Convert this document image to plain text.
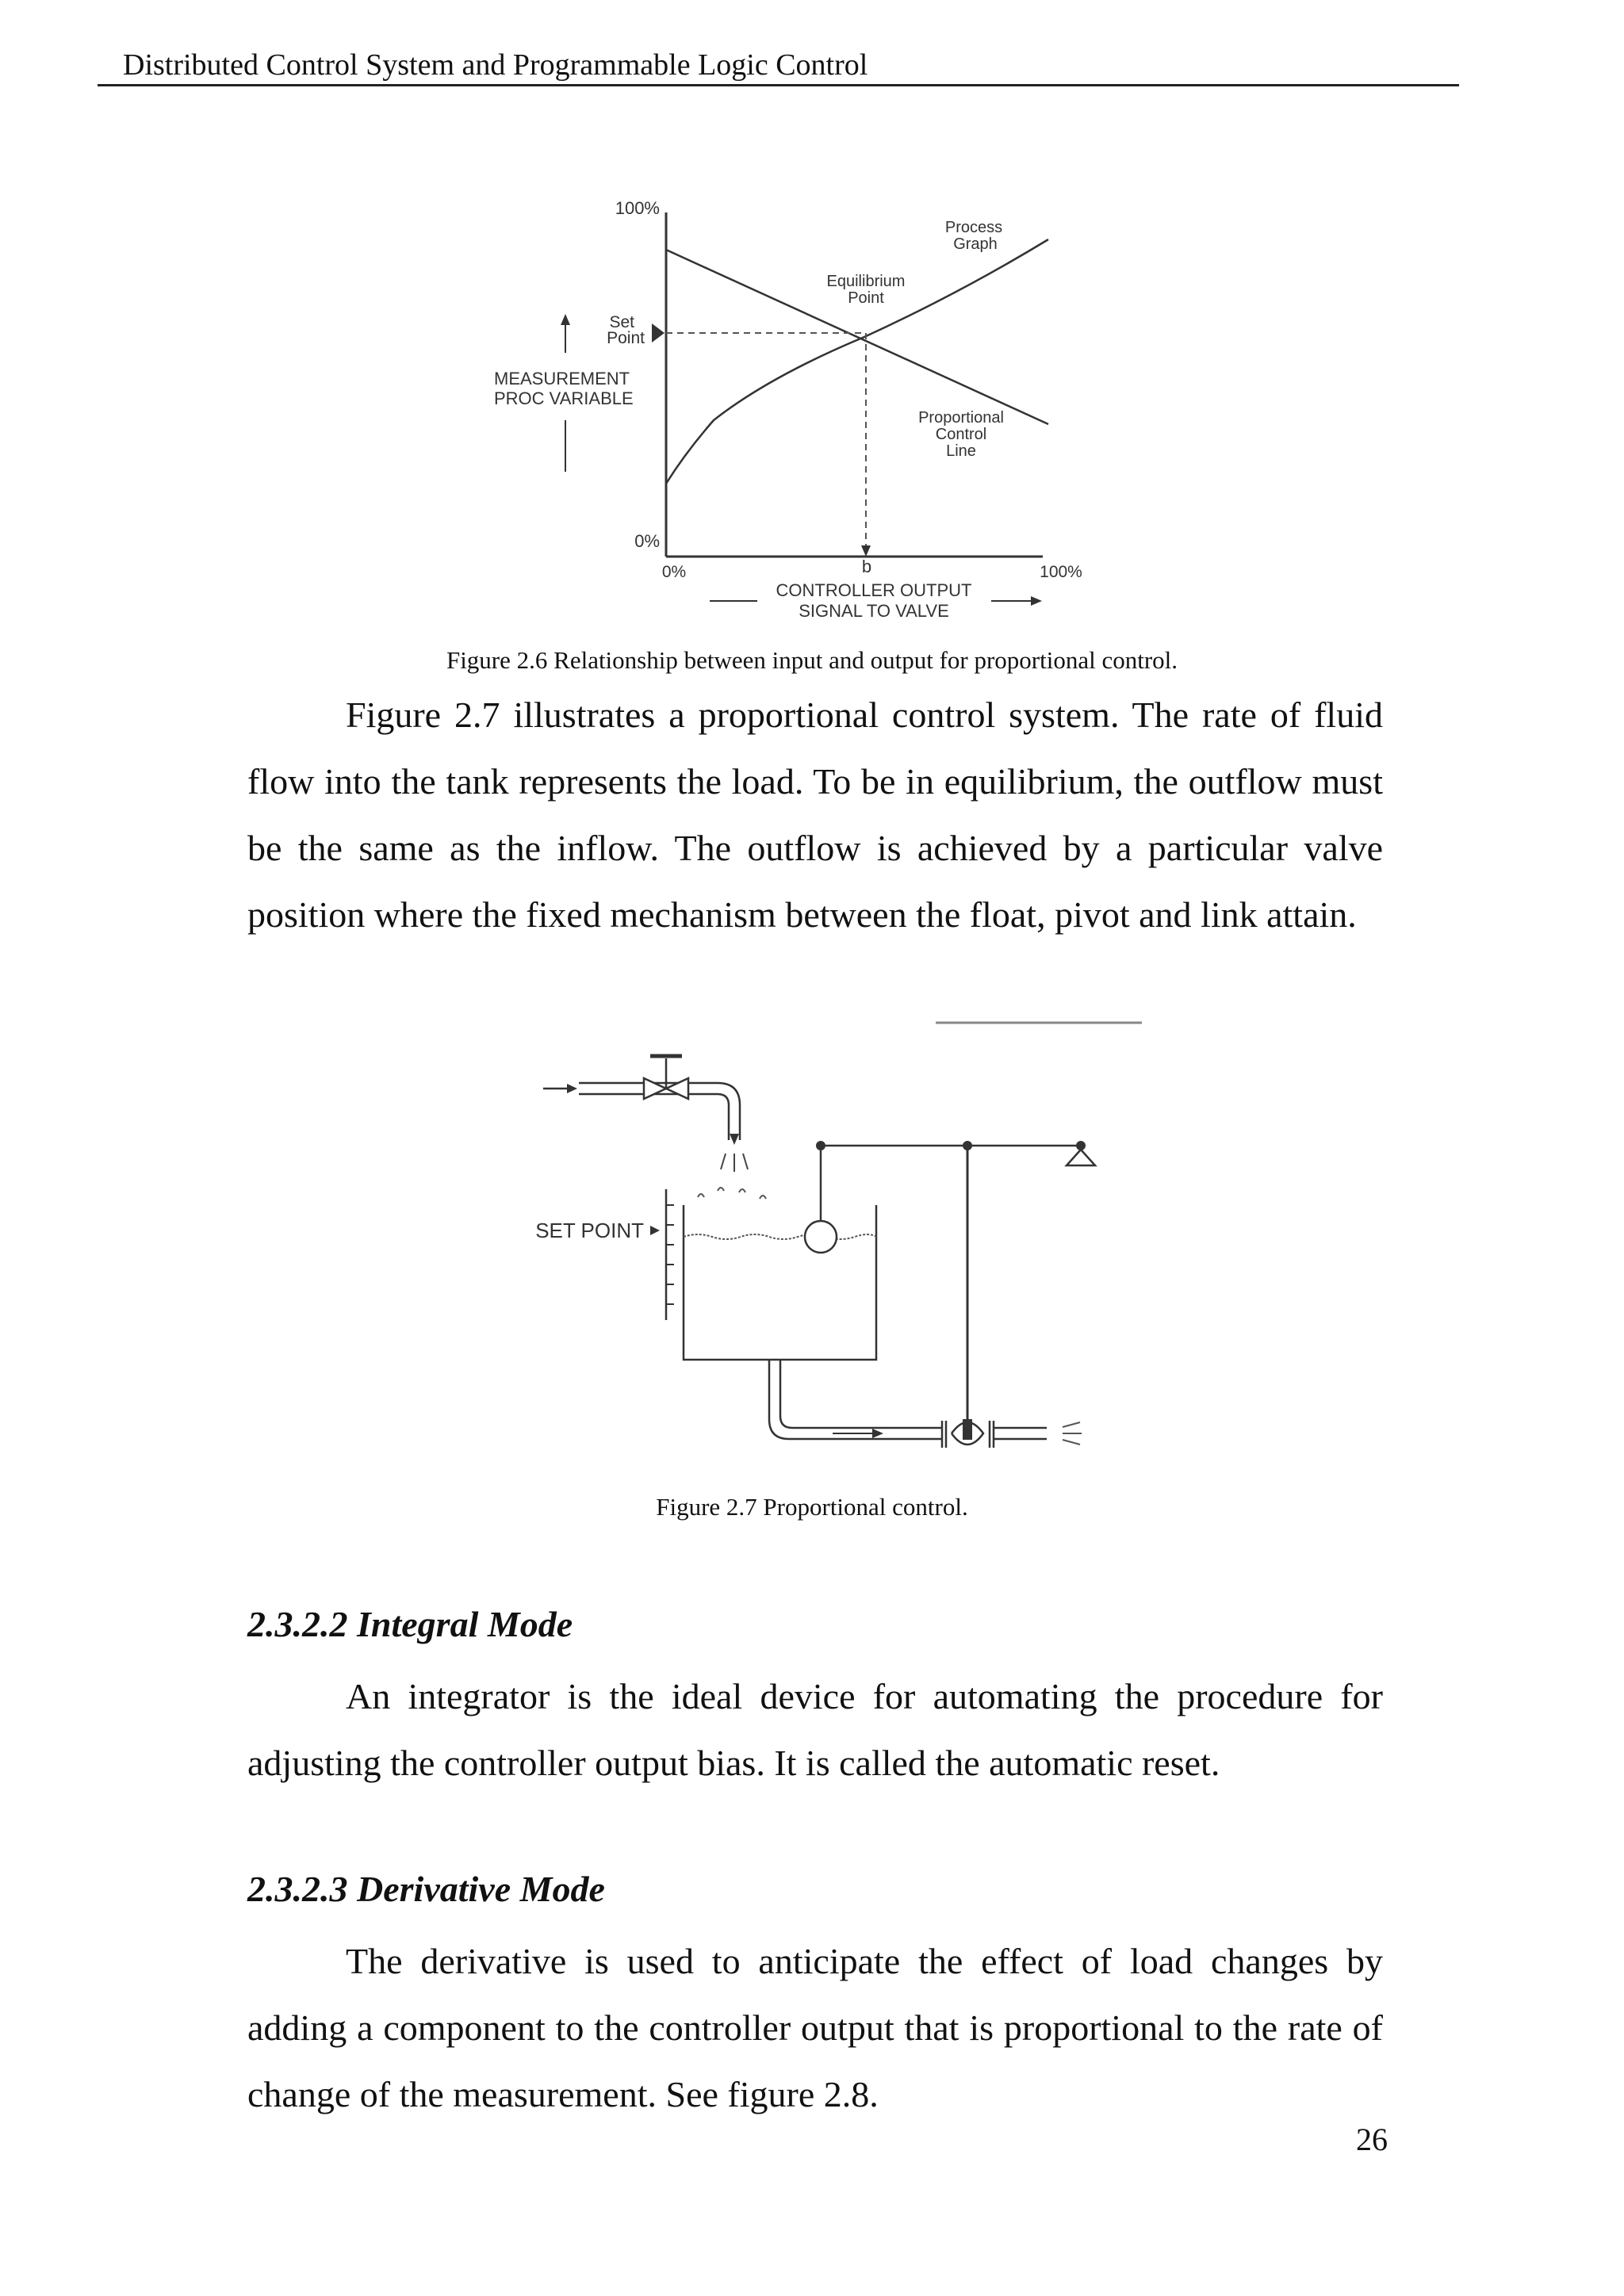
Distributed Control System and Programmable Logic Control
100%
0%
Set
Point
MEASUREMENT
PROC VARIABLE
0%	b	100%
CONTROLLER OUTPUT
SIGNAL TO VALVE
Equilibrium
Point
Process
Graph
Proportional
Control
Line
Figure 2.6 Relationship between input and output for proportional control.

Figure 2.7 illustrates a proportional control system. The rate of fluid flow into the tank represents the load. To be in equilibrium, the outflow must be the same as the inflow. The outflow is achieved by a particular valve position where the fixed mechanism between the float, pivot and link attain.

SET POINT
Figure 2.7 Proportional control.
2.3.2.2 Integral Mode

An integrator is the ideal device for automating the procedure for adjusting the controller output bias. It is called the automatic reset.

2.3.2.3 Derivative Mode

The derivative is used to anticipate the effect of load changes by adding a component to the controller output that is proportional to the rate of change of the measurement. See figure 2.8.

26
